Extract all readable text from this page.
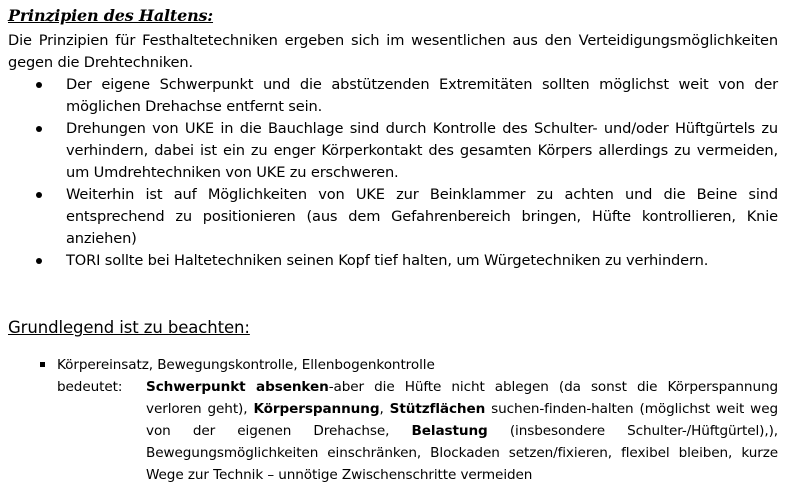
Prinzipien des Haltens:
Die Prinzipien für Festhaltetechniken ergeben sich im wesentlichen aus den Verteidigungsmöglichkeiten gegen die Drehtechniken.
Der eigene Schwerpunkt und die abstützenden Extremitäten sollten möglichst weit von der möglichen Drehachse entfernt sein.
Drehungen von UKE in die Bauchlage sind durch Kontrolle des Schulter- und/oder Hüftgürtels zu verhindern, dabei ist ein zu enger Körperkontakt des gesamten Körpers allerdings zu vermeiden, um Umdrehtechniken von UKE zu erschweren.
Weiterhin ist auf Möglichkeiten von UKE zur Beinklammer zu achten und die Beine sind entsprechend zu positionieren (aus dem Gefahrenbereich bringen, Hüfte kontrollieren, Knie anziehen)
TORI sollte bei Haltetechniken seinen Kopf tief halten, um Würgetechniken zu verhindern.
Grundlegend ist zu beachten:
Körpereinsatz, Bewegungskontrolle, Ellenbogenkontrolle
bedeutet: Schwerpunkt absenken-aber die Hüfte nicht ablegen (da sonst die Körperspannung verloren geht), Körperspannung, Stützflächen suchen-finden-halten (möglichst weit weg von der eigenen Drehachse, Belastung (insbesondere Schulter-/Hüftgürtel),), Bewegungsmöglichkeiten einschränken, Blockaden setzen/fixieren, flexibel bleiben, kurze Wege zur Technik – unnötige Zwischenschritte vermeiden
